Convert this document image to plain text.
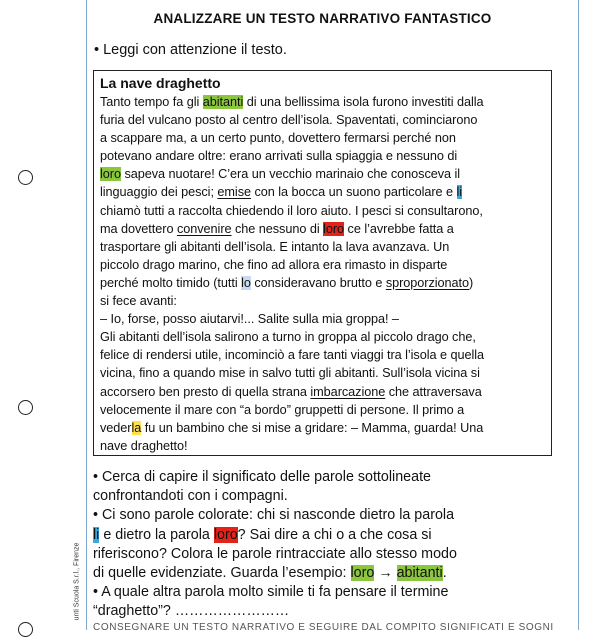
unti Scuola S.r.l., Firenze
ANALIZZARE UN TESTO NARRATIVO FANTASTICO
• Leggi con attenzione il testo.
La nave draghetto
Tanto tempo fa gli abitanti di una bellissima isola furono investiti dalla
furia del vulcano posto al centro dell’isola. Spaventati, cominciarono
a scappare ma, a un certo punto, dovettero fermarsi perché non
potevano andare oltre: erano arrivati sulla spiaggia e nessuno di
loro sapeva nuotare! C’era un vecchio marinaio che conosceva il
linguaggio dei pesci; emise con la bocca un suono particolare e li
chiamò tutti a raccolta chiedendo il loro aiuto. I pesci si consultarono,
ma dovettero convenire che nessuno di loro ce l’avrebbe fatta a
trasportare gli abitanti dell’isola. E intanto la lava avanzava. Un
piccolo drago marino, che fino ad allora era rimasto in disparte
perché molto timido (tutti lo consideravano brutto e sproporzionato)
si fece avanti:
– Io, forse, posso aiutarvi!... Salite sulla mia groppa! –
Gli abitanti dell’isola salirono a turno in groppa al piccolo drago che,
felice di rendersi utile, incominciò a fare tanti viaggi tra l’isola e quella
vicina, fino a quando mise in salvo tutti gli abitanti. Sull’isola vicina si
accorsero ben presto di quella strana imbarcazione che attraversava
velocemente il mare con “a bordo” gruppetti di persone. Il primo a
vederla fu un bambino che si mise a gridare: – Mamma, guarda! Una
nave draghetto!
• Cerca di capire il significato delle parole sottolineate
confrontandoti con i compagni.
• Ci sono parole colorate: chi si nasconde dietro la parola
li e dietro la parola loro? Sai dire a chi o a che cosa si
riferiscono? Colora le parole rintracciate allo stesso modo
di quelle evidenziate. Guarda l’esempio: loro → abitanti.
• A quale altra parola molto simile ti fa pensare il termine
“draghetto”? ……………………
CONSEGNARE UN TESTO NARRATIVO E SEGUIRE DAL COMPITO SIGNIFICATI E SOGNI
